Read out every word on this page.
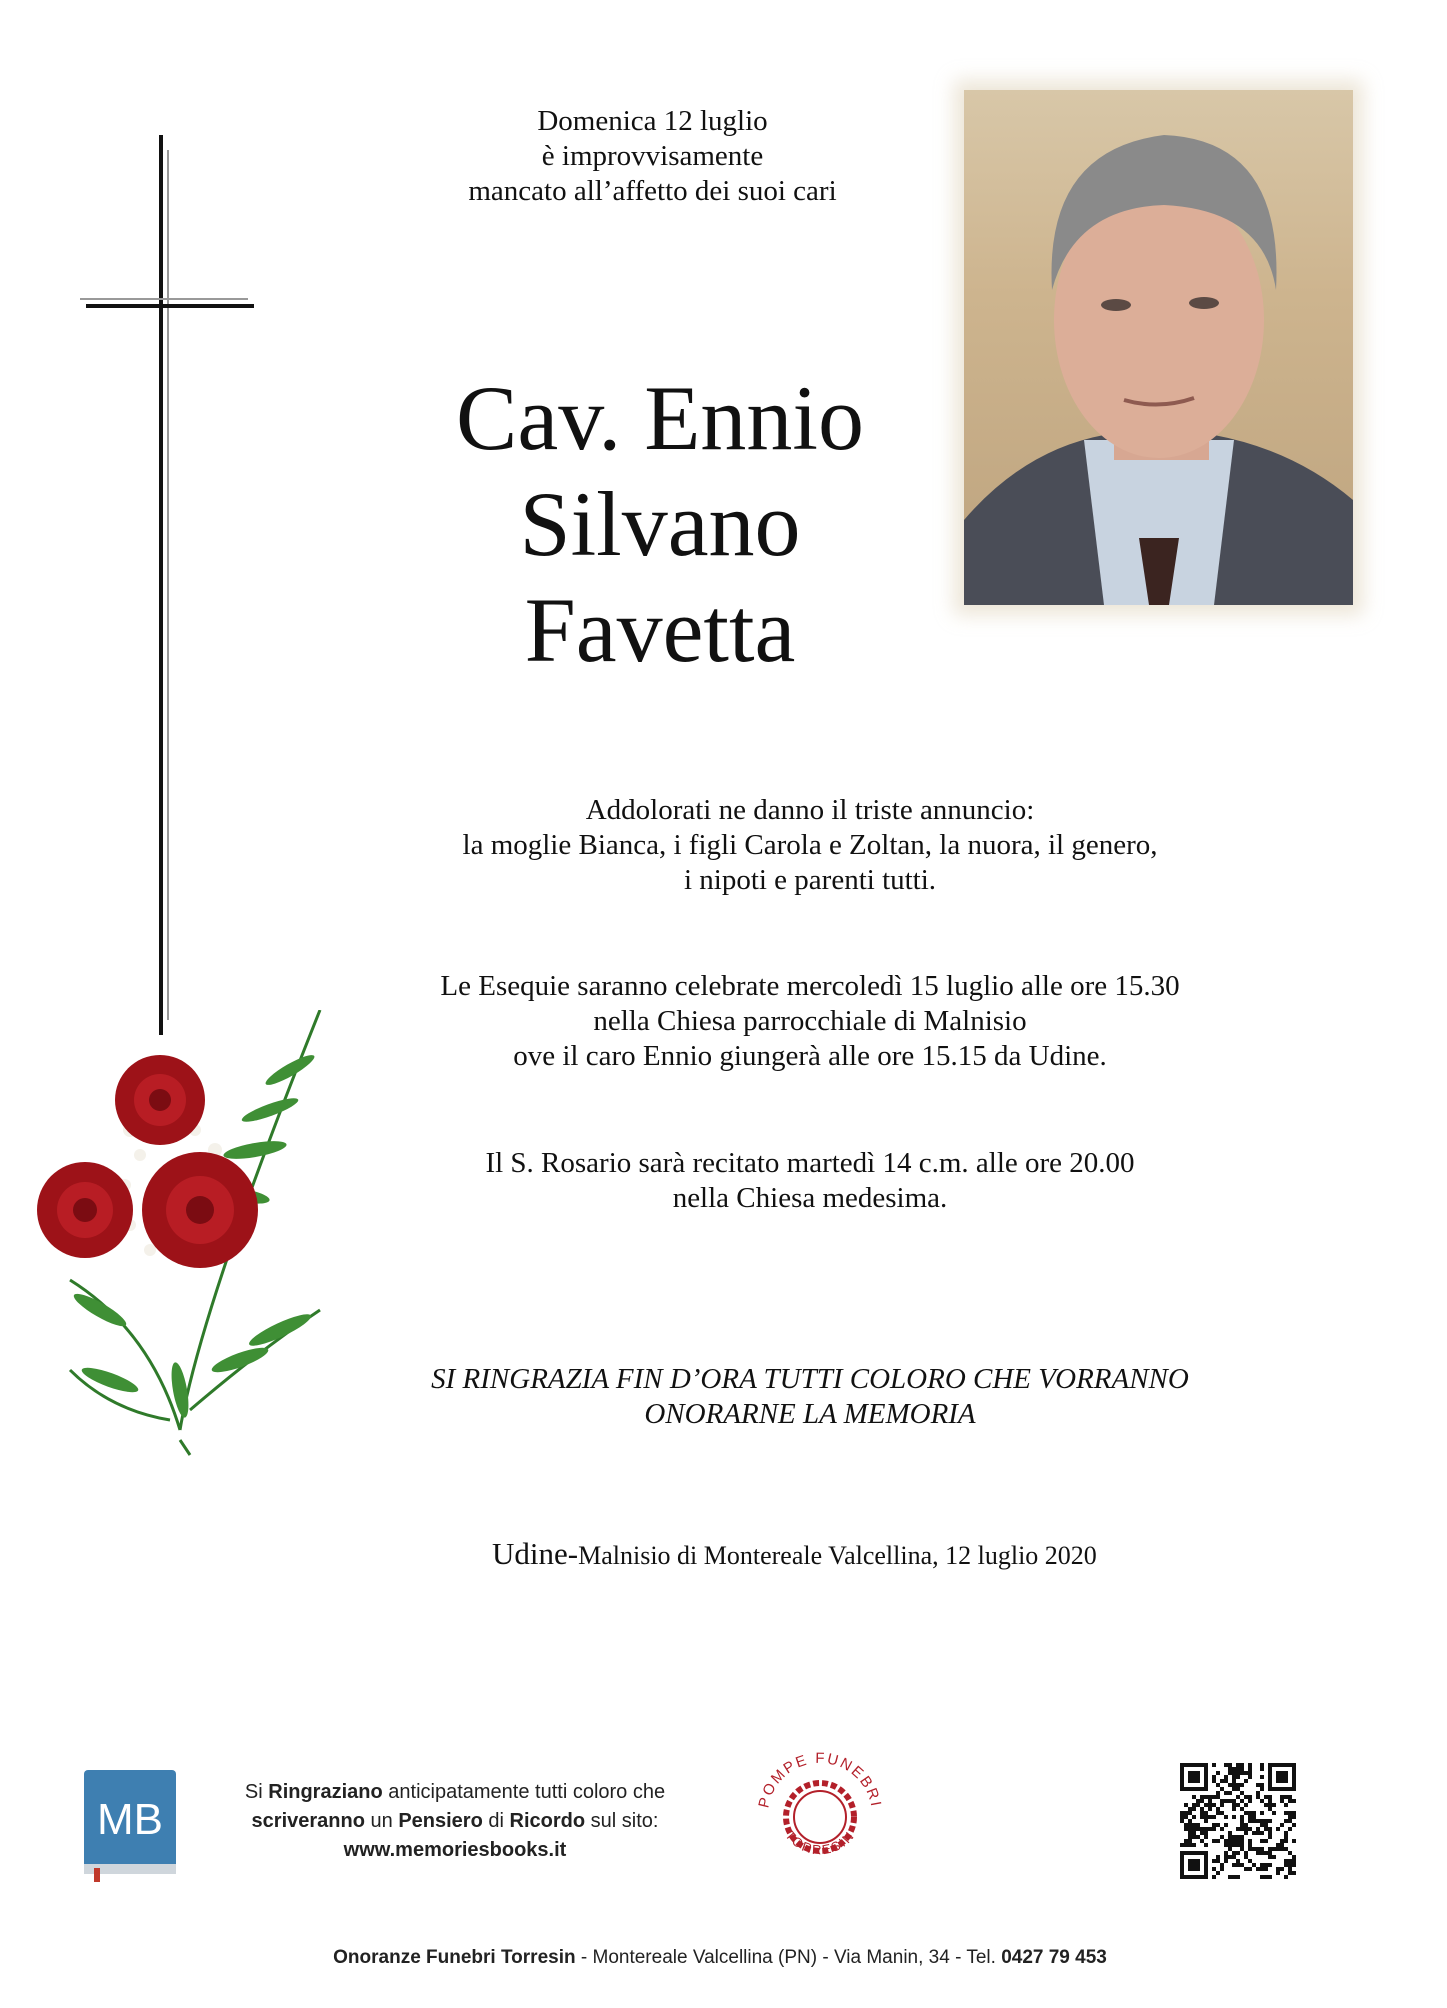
Domenica 12 luglio
è improvvisamente
mancato all’affetto dei suoi cari
Cav. Ennio
Silvano
Favetta
Addolorati ne danno il triste annuncio:
la moglie Bianca, i figli Carola e Zoltan, la nuora, il genero,
i nipoti e parenti tutti.
Le Esequie saranno celebrate mercoledì 15 luglio alle ore 15.30
nella Chiesa parrocchiale di Malnisio
ove il caro Ennio giungerà alle ore 15.15 da Udine.
Il S. Rosario sarà recitato martedì 14 c.m. alle ore 20.00
nella Chiesa medesima.
SI RINGRAZIA FIN D’ORA TUTTI COLORO CHE VORRANNO
ONORARNE LA MEMORIA
Udine-Malnisio di Montereale Valcellina, 12 luglio 2020
MB
Si Ringraziano anticipatamente tutti coloro che
scriveranno un Pensiero di Ricordo sul sito:
www.memoriesbooks.it
POMPE FUNEBRI
TORRESIN
Onoranze Funebri Torresin - Montereale Valcellina (PN) - Via Manin, 34 - Tel. 0427 79 453
